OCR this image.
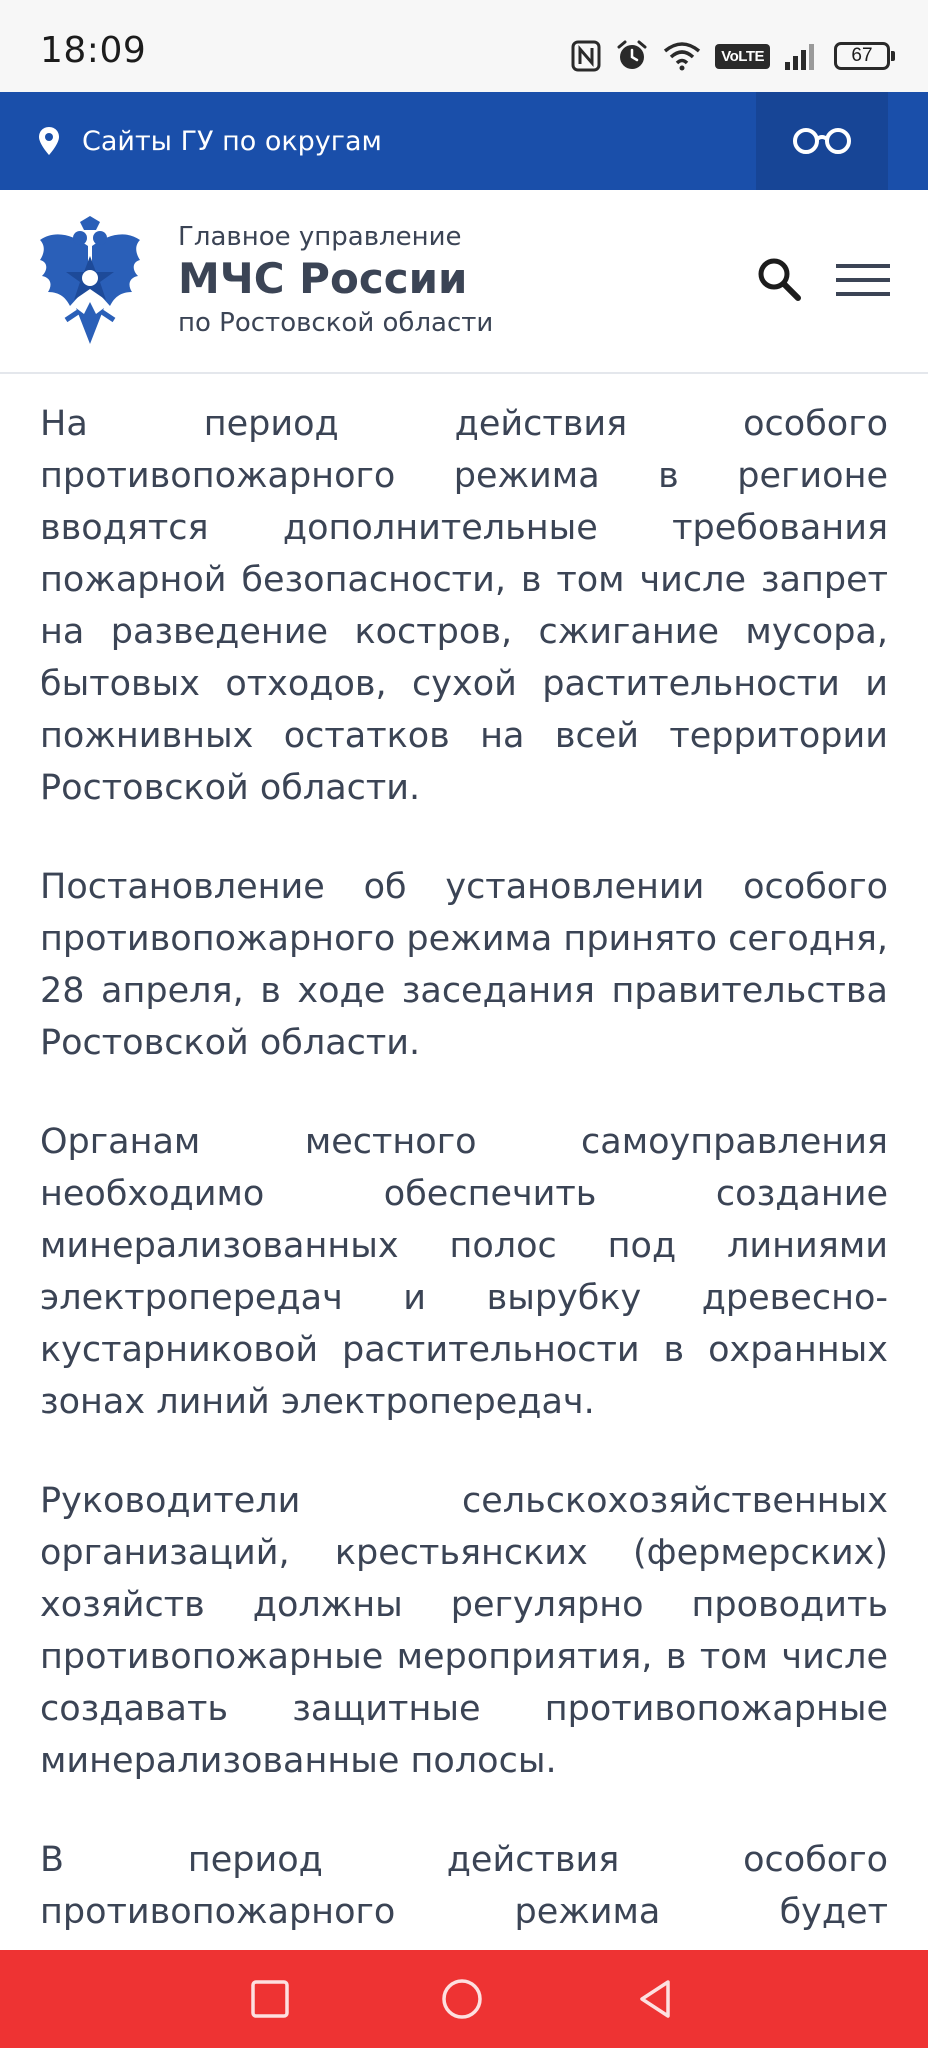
18:09	VoLTE	67
Сайты ГУ по округам
Главное управление
МЧС России
по Ростовской области

На период действия особого противопожарного режима в регионе вводятся дополнительные требования пожарной безопасности, в том числе запрет на разведение костров, сжигание мусора, бытовых отходов, сухой растительности и пожнивных остатков на всей территории Ростовской области.

Постановление об установлении особого противопожарного режима принято сегодня, 28 апреля, в ходе заседания правительства Ростовской области.

Органам местного самоуправления необходимо обеспечить создание минерализованных полос под линиями электропередач и вырубку древесно-кустарниковой растительности в охранных зонах линий электропередач.

Руководители сельскохозяйственных организаций, крестьянских (фермерских) хозяйств должны регулярно проводить противопожарные мероприятия, в том числе создавать защитные противопожарные минерализованные полосы.

В период действия особого противопожарного режима будет
